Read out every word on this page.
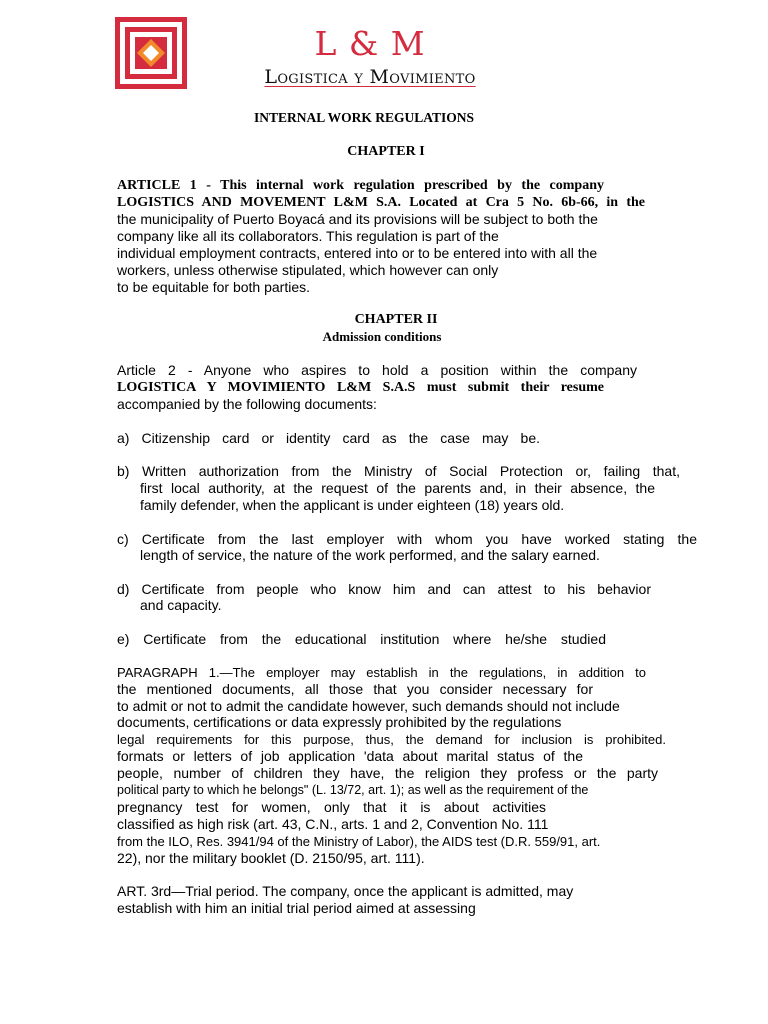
L & M
Logistica y Movimiento
INTERNAL WORK REGULATIONS
CHAPTER I
ARTICLE 1 - This internal work regulation prescribed by the company
LOGISTICS AND MOVEMENT L&M S.A. Located at Cra 5 No. 6b-66, in the
the municipality of Puerto Boyacá and its provisions will be subject to both the
company like all its collaborators. This regulation is part of the
individual employment contracts, entered into or to be entered into with all the
workers, unless otherwise stipulated, which however can only
to be equitable for both parties.
CHAPTER II
Admission conditions
Article 2 - Anyone who aspires to hold a position within the company
LOGISTICA Y MOVIMIENTO L&M S.A.S must submit their resume
accompanied by the following documents:
a) Citizenship card or identity card as the case may be.
b) Written authorization from the Ministry of Social Protection or, failing that,
first local authority, at the request of the parents and, in their absence, the
family defender, when the applicant is under eighteen (18) years old.
c) Certificate from the last employer with whom you have worked stating the
length of service, the nature of the work performed, and the salary earned.
d) Certificate from people who know him and can attest to his behavior
and capacity.
e) Certificate from the educational institution where he/she studied
PARAGRAPH 1.—The employer may establish in the regulations, in addition to
the mentioned documents, all those that you consider necessary for
to admit or not to admit the candidate however, such demands should not include
documents, certifications or data expressly prohibited by the regulations
legal requirements for this purpose, thus, the demand for inclusion is prohibited.
formats or letters of job application 'data about marital status of the
people, number of children they have, the religion they profess or the party
political party to which he belongs" (L. 13/72, art. 1); as well as the requirement of the
pregnancy test for women, only that it is about activities
classified as high risk (art. 43, C.N., arts. 1 and 2, Convention No. 111
from the ILO, Res. 3941/94 of the Ministry of Labor), the AIDS test (D.R. 559/91, art.
22), nor the military booklet (D. 2150/95, art. 111).
ART. 3rd—Trial period. The company, once the applicant is admitted, may
establish with him an initial trial period aimed at assessing
